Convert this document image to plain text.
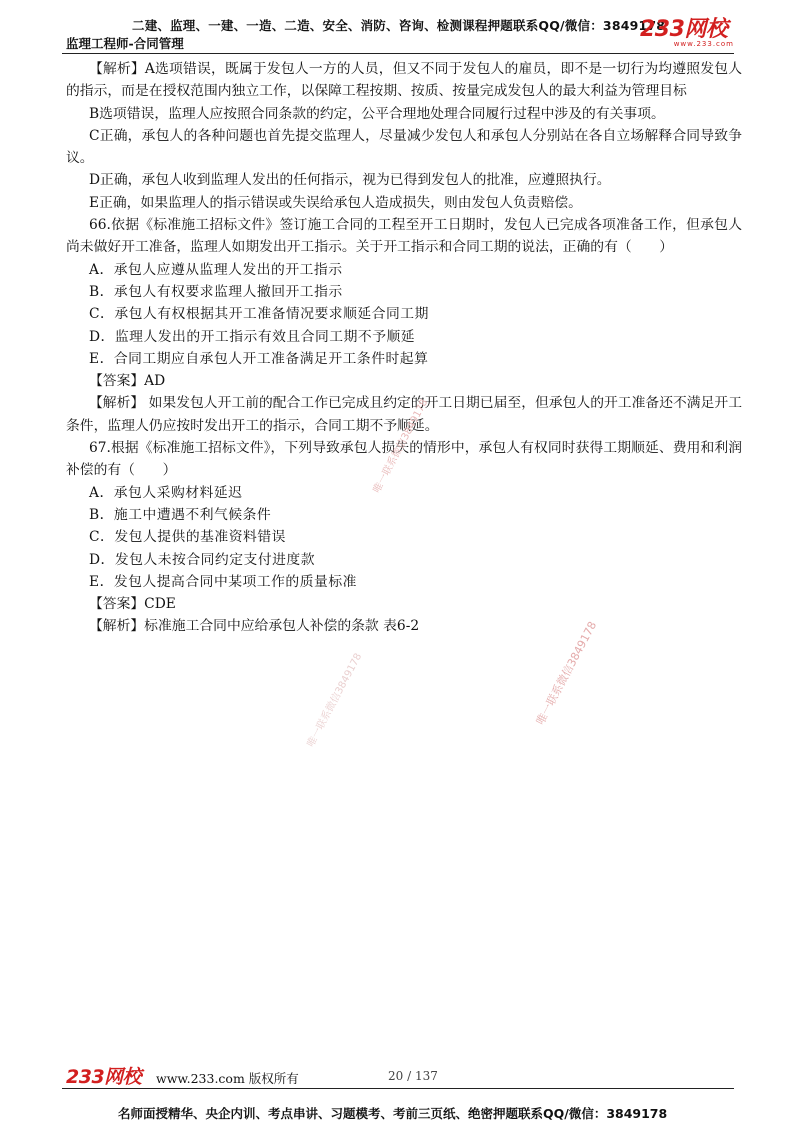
二建、监理、一建、一造、二造、安全、消防、咨询、检测课程押题联系QQ/微信：3849178
监理工程师-合同管理
233网校
www.233.com

【解析】A选项错误，既属于发包人一方的人员，但又不同于发包人的雇员，即不是一切行为均遵照发包人的指示，而是在授权范围内独立工作，以保障工程按期、按质、按量完成发包人的最大利益为管理目标

B选项错误，监理人应按照合同条款的约定，公平合理地处理合同履行过程中涉及的有关事项。

C正确，承包人的各种问题也首先提交监理人，尽量减少发包人和承包人分别站在各自立场解释合同导致争议。

D正确，承包人收到监理人发出的任何指示，视为已得到发包人的批准，应遵照执行。

E正确，如果监理人的指示错误或失误给承包人造成损失，则由发包人负责赔偿。

66.依据《标准施工招标文件》签订施工合同的工程至开工日期时，发包人已完成各项准备工作，但承包人尚未做好开工准备，监理人如期发出开工指示。关于开工指示和合同工期的说法，正确的有（　　）

A．承包人应遵从监理人发出的开工指示

B．承包人有权要求监理人撤回开工指示

C．承包人有权根据其开工准备情况要求顺延合同工期

D．监理人发出的开工指示有效且合同工期不予顺延

E．合同工期应自承包人开工准备满足开工条件时起算

【答案】AD

【解析】 如果发包人开工前的配合工作已完成且约定的开工日期已届至，但承包人的开工准备还不满足开工条件，监理人仍应按时发出开工的指示，合同工期不予顺延。

67.根据《标准施工招标文件》，下列导致承包人损失的情形中，承包人有权同时获得工期顺延、费用和利润补偿的有（　　）

A．承包人采购材料延迟

B．施工中遭遇不利气候条件

C．发包人提供的基准资料错误

D．发包人未按合同约定支付进度款

E．发包人提高合同中某项工作的质量标准

【答案】CDE

【解析】标准施工合同中应给承包人补偿的条款 表6-2	唯一联系微信3849178
唯一联系微信3849178
唯一联系微信3849178
233网校 www.233.com 版权所有	20 / 137
名师面授精华、央企内训、考点串讲、习题模考、考前三页纸、绝密押题联系QQ/微信：3849178
